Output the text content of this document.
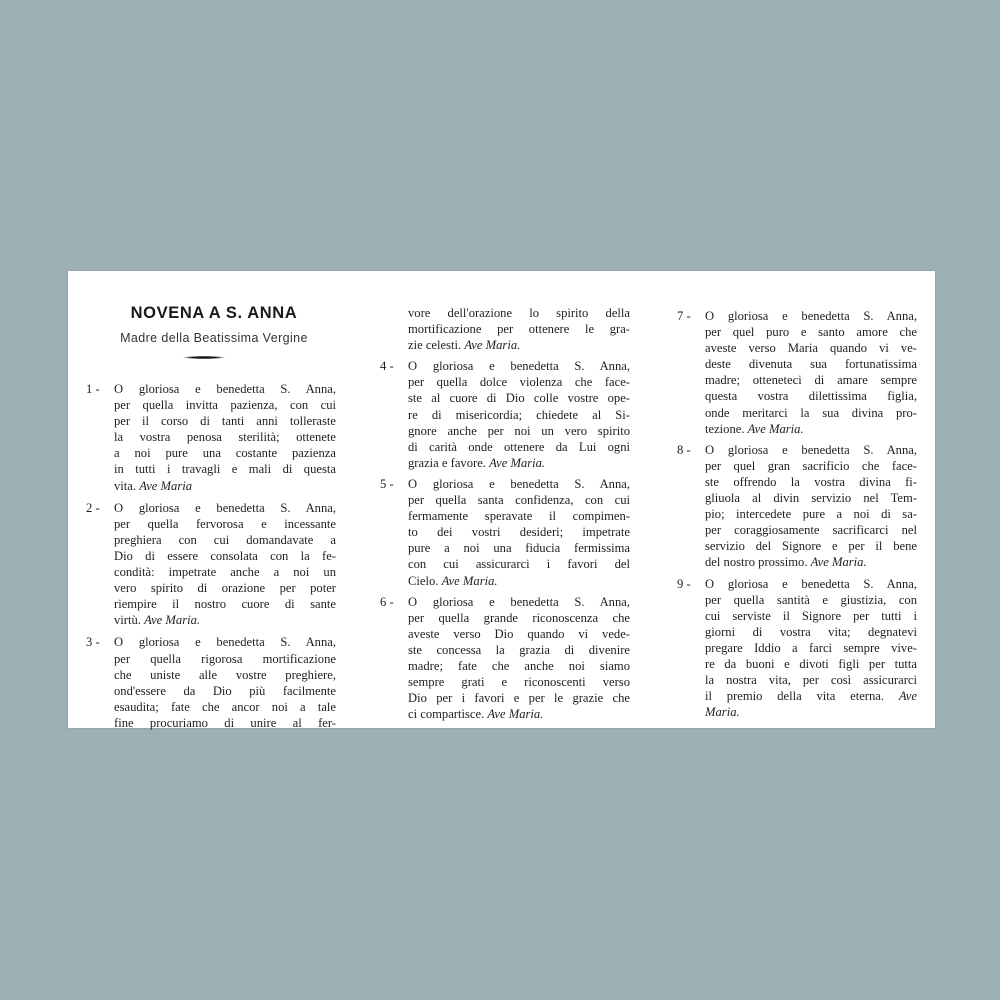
NOVENA A S. ANNA
Madre della Beatissima Vergine
1 -	O gloriosa e benedetta S. Anna,
per quella invitta pazienza, con cui
per il corso di tanti anni tolleraste
la vostra penosa sterilità; ottenete
a noi pure una costante pazienza
in tutti i travagli e mali di questa
vita. Ave Maria
2 -	O gloriosa e benedetta S. Anna,
per quella fervorosa e incessante
preghiera con cui domandavate a
Dio di essere consolata con la fe-
condità: impetrate anche a noi un
vero spirito di orazione per poter
riempire il nostro cuore di sante
virtù. Ave Maria.
3 -	O gloriosa e benedetta S. Anna,
per quella rigorosa mortificazione
che uniste alle vostre preghiere,
ond'essere da Dio più facilmente
esaudita; fate che ancor noi a tale
fine procuriamo di unire al fer-
vore dell'orazione lo spirito della
mortificazione per ottenere le gra-
zie celesti. Ave Maria.
4 -	O gloriosa e benedetta S. Anna,
per quella dolce violenza che face-
ste al cuore di Dio colle vostre ope-
re di misericordia; chiedete al Si-
gnore anche per noi un vero spirito
di carità onde ottenere da Lui ogni
grazia e favore. Ave Maria.
5 -	O gloriosa e benedetta S. Anna,
per quella santa confidenza, con cui
fermamente speravate il compimen-
to dei vostri desideri; impetrate
pure a noi una fiducia fermissima
con cui assicurarci i favori del
Cielo. Ave Maria.
6 -	O gloriosa e benedetta S. Anna,
per quella grande riconoscenza che
aveste verso Dio quando vi vede-
ste concessa la grazia di divenire
madre; fate che anche noi siamo
sempre grati e riconoscenti verso
Dio per i favori e per le grazie che
ci compartisce. Ave Maria.
7 -	O gloriosa e benedetta S. Anna,
per quel puro e santo amore che
aveste verso Maria quando vi ve-
deste divenuta sua fortunatissima
madre; otteneteci di amare sempre
questa vostra dilettissima figlia,
onde meritarci la sua divina pro-
tezione. Ave Maria.
8 -	O gloriosa e benedetta S. Anna,
per quel gran sacrificio che face-
ste offrendo la vostra divina fi-
gliuola al divin servizio nel Tem-
pio; intercedete pure a noi di sa-
per coraggiosamente sacrificarci nel
servizio del Signore e per il bene
del nostro prossimo. Ave Maria.
9 -	O gloriosa e benedetta S. Anna,
per quella santità e giustizia, con
cui serviste il Signore per tutti i
giorni di vostra vita; degnatevi
pregare Iddio a farci sempre vive-
re da buoni e divoti figli per tutta
la nostra vita, per così assicurarci
il premio della vita eterna. Ave
Maria.
